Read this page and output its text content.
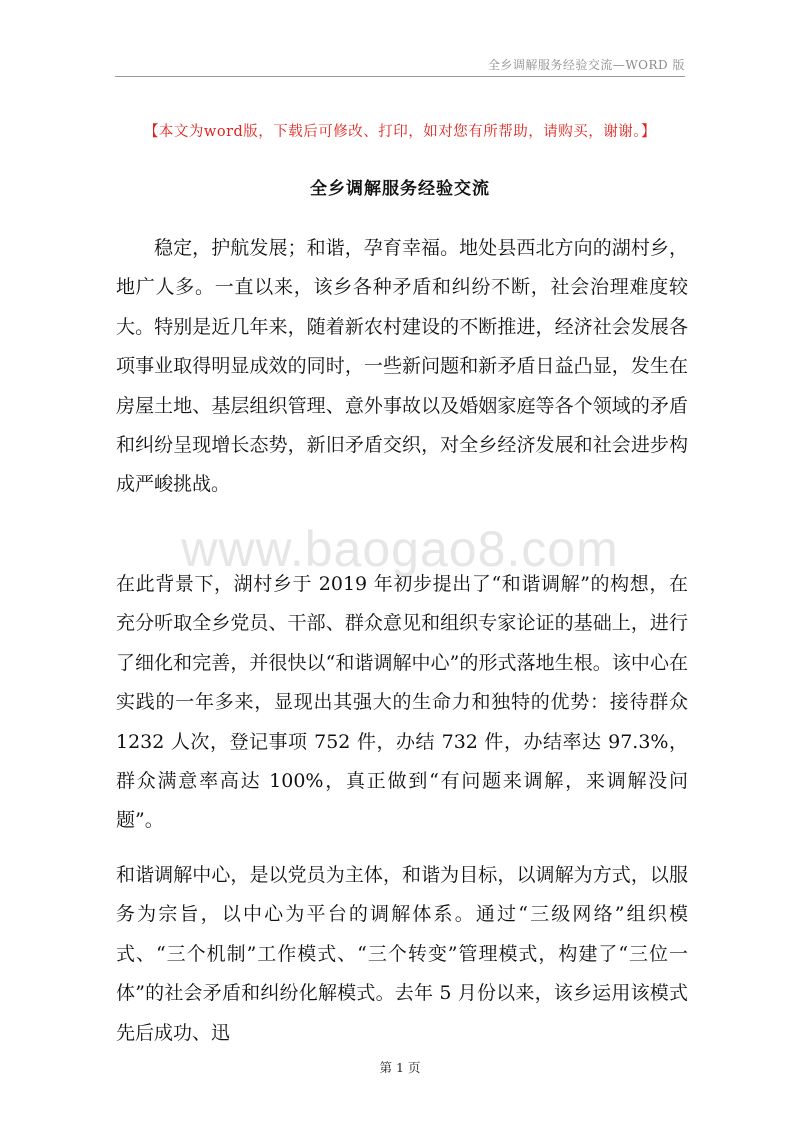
全乡调解服务经验交流—WORD 版
【本文为word版，下载后可修改、打印，如对您有所帮助，请购买，谢谢。】
全乡调解服务经验交流
www.baogao8.com

稳定，护航发展；和谐，孕育幸福。地处县西北方向的湖村乡，地广人多。一直以来，该乡各种矛盾和纠纷不断，社会治理难度较大。特别是近几年来，随着新农村建设的不断推进，经济社会发展各项事业取得明显成效的同时，一些新问题和新矛盾日益凸显，发生在房屋土地、基层组织管理、意外事故以及婚姻家庭等各个领域的矛盾和纠纷呈现增长态势，新旧矛盾交织，对全乡经济发展和社会进步构成严峻挑战。

在此背景下，湖村乡于 2019 年初步提出了“和谐调解”的构想，在充分听取全乡党员、干部、群众意见和组织专家论证的基础上，进行了细化和完善，并很快以“和谐调解中心”的形式落地生根。该中心在实践的一年多来，显现出其强大的生命力和独特的优势：接待群众 1232 人次，登记事项 752 件，办结 732 件，办结率达 97.3%，群众满意率高达 100%，真正做到“有问题来调解，来调解没问题”。

和谐调解中心，是以党员为主体，和谐为目标，以调解为方式，以服务为宗旨，以中心为平台的调解体系。通过“三级网络”组织模式、“三个机制”工作模式、“三个转变”管理模式，构建了“三位一体”的社会矛盾和纠纷化解模式。去年 5 月份以来，该乡运用该模式先后成功、迅

第 1 页
